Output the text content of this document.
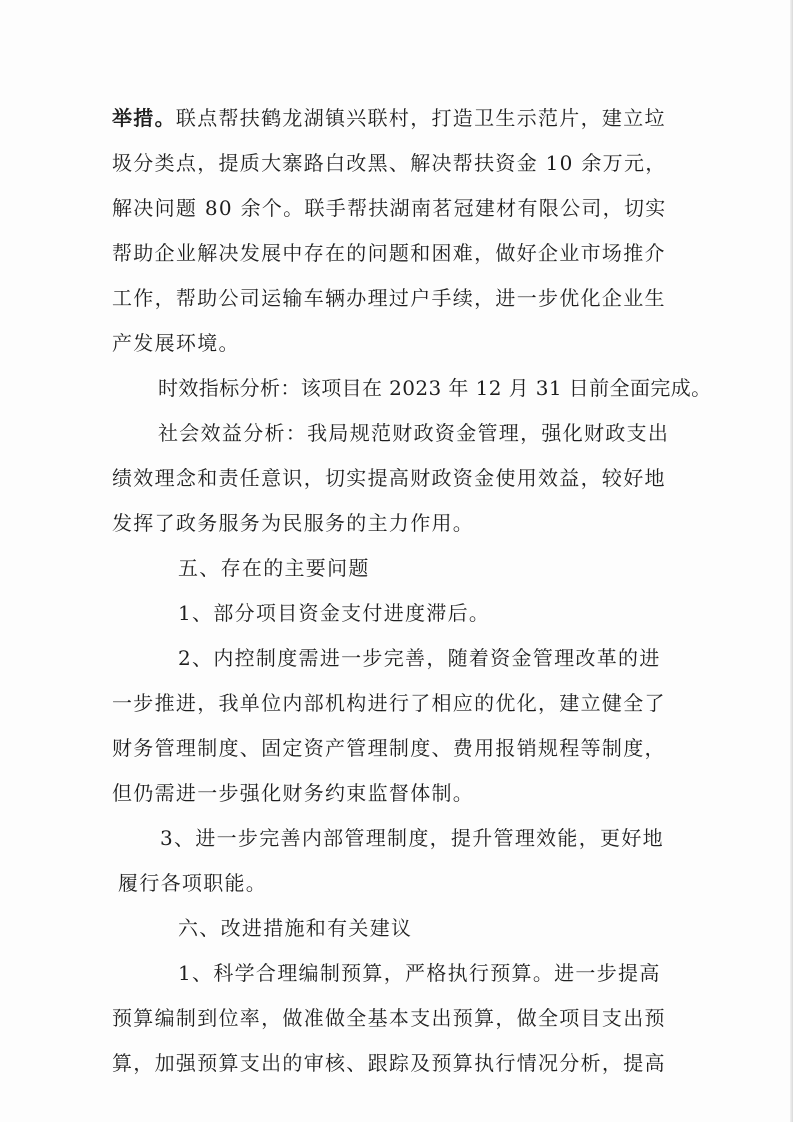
举措。联点帮扶鹤龙湖镇兴联村，打造卫生示范片，建立垃
圾分类点，提质大寨路白改黑、解决帮扶资金 10 余万元，
解决问题 80 余个。联手帮扶湖南茗冠建材有限公司，切实
帮助企业解决发展中存在的问题和困难，做好企业市场推介
工作，帮助公司运输车辆办理过户手续，进一步优化企业生
产发展环境。
时效指标分析：该项目在 2023 年 12 月 31 日前全面完成。
社会效益分析：我局规范财政资金管理，强化财政支出
绩效理念和责任意识，切实提高财政资金使用效益，较好地
发挥了政务服务为民服务的主力作用。
五、存在的主要问题
1、部分项目资金支付进度滞后。
2、内控制度需进一步完善，随着资金管理改革的进
一步推进，我单位内部机构进行了相应的优化，建立健全了
财务管理制度、固定资产管理制度、费用报销规程等制度，
但仍需进一步强化财务约束监督体制。
3、进一步完善内部管理制度，提升管理效能，更好地
履行各项职能。
六、改进措施和有关建议
1、科学合理编制预算，严格执行预算。进一步提高
预算编制到位率，做准做全基本支出预算，做全项目支出预
算，加强预算支出的审核、跟踪及预算执行情况分析，提高
